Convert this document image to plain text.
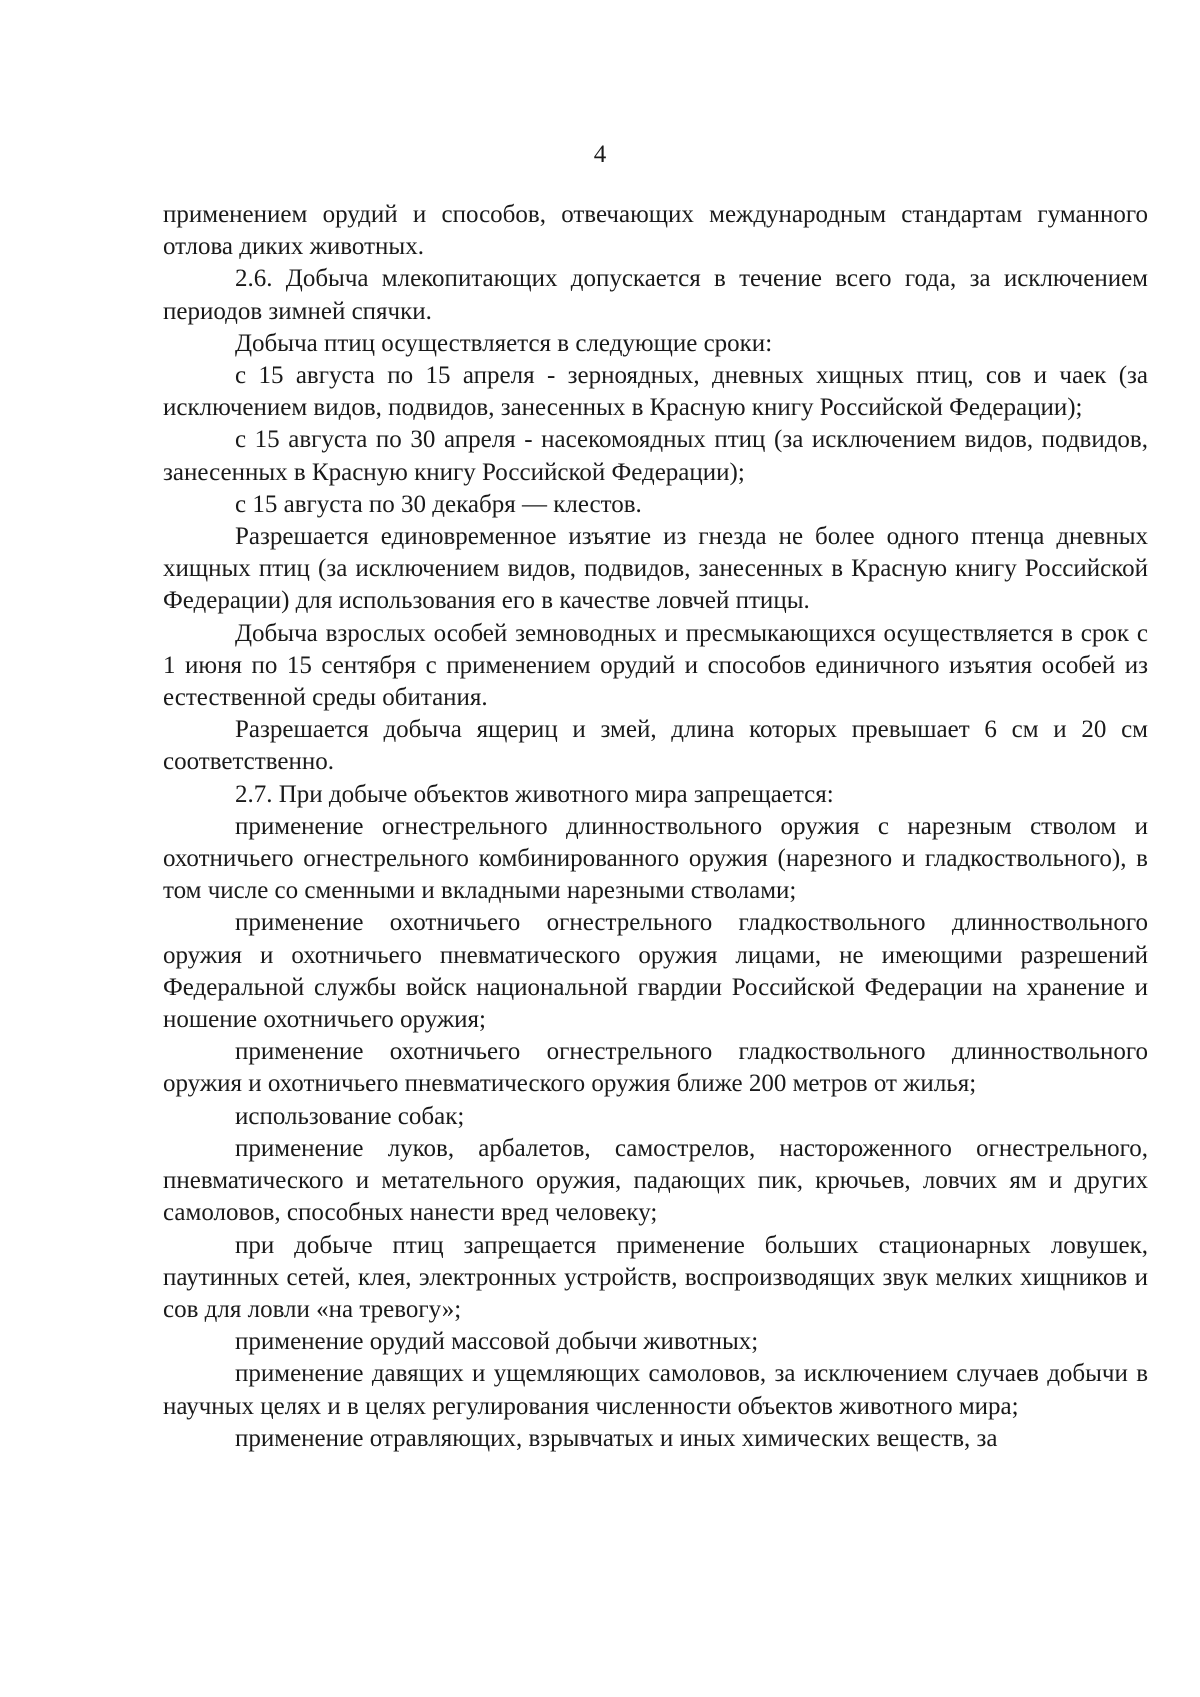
4

применением орудий и способов, отвечающих международным стандартам гуманного отлова диких животных.

2.6. Добыча млекопитающих допускается в течение всего года, за исключением периодов зимней спячки.

Добыча птиц осуществляется в следующие сроки:

с 15 августа по 15 апреля - зерноядных, дневных хищных птиц, сов и чаек (за исключением видов, подвидов, занесенных в Красную книгу Российской Федерации);

с 15 августа по 30 апреля - насекомоядных птиц (за исключением видов, подвидов, занесенных в Красную книгу Российской Федерации);

с 15 августа по 30 декабря — клестов.

Разрешается единовременное изъятие из гнезда не более одного птенца дневных хищных птиц (за исключением видов, подвидов, занесенных в Красную книгу Российской Федерации) для использования его в качестве ловчей птицы.

Добыча взрослых особей земноводных и пресмыкающихся осуществляется в срок с 1 июня по 15 сентября с применением орудий и способов единичного изъятия особей из естественной среды обитания.

Разрешается добыча ящериц и змей, длина которых превышает 6 см и 20 см соответственно.

2.7. При добыче объектов животного мира запрещается:

применение огнестрельного длинноствольного оружия с нарезным стволом и охотничьего огнестрельного комбинированного оружия (нарезного и гладкоствольного), в том числе со сменными и вкладными нарезными стволами;

применение охотничьего огнестрельного гладкоствольного длинноствольного оружия и охотничьего пневматического оружия лицами, не имеющими разрешений Федеральной службы войск национальной гвардии Российской Федерации на хранение и ношение охотничьего оружия;

применение охотничьего огнестрельного гладкоствольного длинноствольного оружия и охотничьего пневматического оружия ближе 200 метров от жилья;

использование собак;

применение луков, арбалетов, самострелов, настороженного огнестрельного, пневматического и метательного оружия, падающих пик, крючьев, ловчих ям и других самоловов, способных нанести вред человеку;

при добыче птиц запрещается применение больших стационарных ловушек, паутинных сетей, клея, электронных устройств, воспроизводящих звук мелких хищников и сов для ловли «на тревогу»;

применение орудий массовой добычи животных;

применение давящих и ущемляющих самоловов, за исключением случаев добычи в научных целях и в целях регулирования численности объектов животного мира;

применение отравляющих, взрывчатых и иных химических веществ, за
